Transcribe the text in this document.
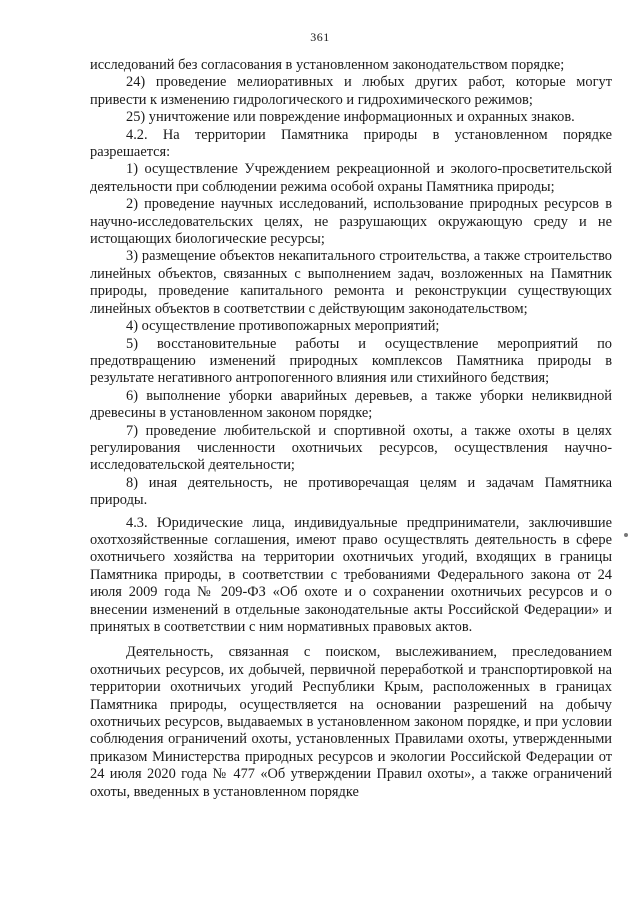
361

исследований без согласования в установленном законодательством порядке;

24) проведение мелиоративных и любых других работ, которые могут привести к изменению гидрологического и гидрохимического режимов;

25) уничтожение или повреждение информационных и охранных знаков.

4.2. На территории Памятника природы в установленном порядке разрешается:

1) осуществление Учреждением рекреационной и эколого-просветительской деятельности при соблюдении режима особой охраны Памятника природы;

2) проведение научных исследований, использование природных ресурсов в научно-исследовательских целях, не разрушающих окружающую среду и не истощающих биологические ресурсы;

3) размещение объектов некапитального строительства, а также строительство линейных объектов, связанных с выполнением задач, возложенных на Памятник природы, проведение капитального ремонта и реконструкции существующих линейных объектов в соответствии с действующим законодательством;

4) осуществление противопожарных мероприятий;

5) восстановительные работы и осуществление мероприятий по предотвращению изменений природных комплексов Памятника природы в результате негативного антропогенного влияния или стихийного бедствия;

6) выполнение уборки аварийных деревьев, а также уборки неликвидной древесины в установленном законом порядке;

7) проведение любительской и спортивной охоты, а также охоты в целях регулирования численности охотничьих ресурсов, осуществления научно-исследовательской деятельности;

8) иная деятельность, не противоречащая целям и задачам Памятника природы.

4.3. Юридические лица, индивидуальные предприниматели, заключившие охотхозяйственные соглашения, имеют право осуществлять деятельность в сфере охотничьего хозяйства на территории охотничьих угодий, входящих в границы Памятника природы, в соответствии с требованиями Федерального закона от 24 июля 2009 года № 209-ФЗ «Об охоте и о сохранении охотничьих ресурсов и о внесении изменений в отдельные законодательные акты Российской Федерации» и принятых в соответствии с ним нормативных правовых актов.

Деятельность, связанная с поиском, выслеживанием, преследованием охотничьих ресурсов, их добычей, первичной переработкой и транспортировкой на территории охотничьих угодий Республики Крым, расположенных в границах Памятника природы, осуществляется на основании разрешений на добычу охотничьих ресурсов, выдаваемых в установленном законом порядке, и при условии соблюдения ограничений охоты, установленных Правилами охоты, утвержденными приказом Министерства природных ресурсов и экологии Российской Федерации от 24 июля 2020 года № 477 «Об утверждении Правил охоты», а также ограничений охоты, введенных в установленном порядке
